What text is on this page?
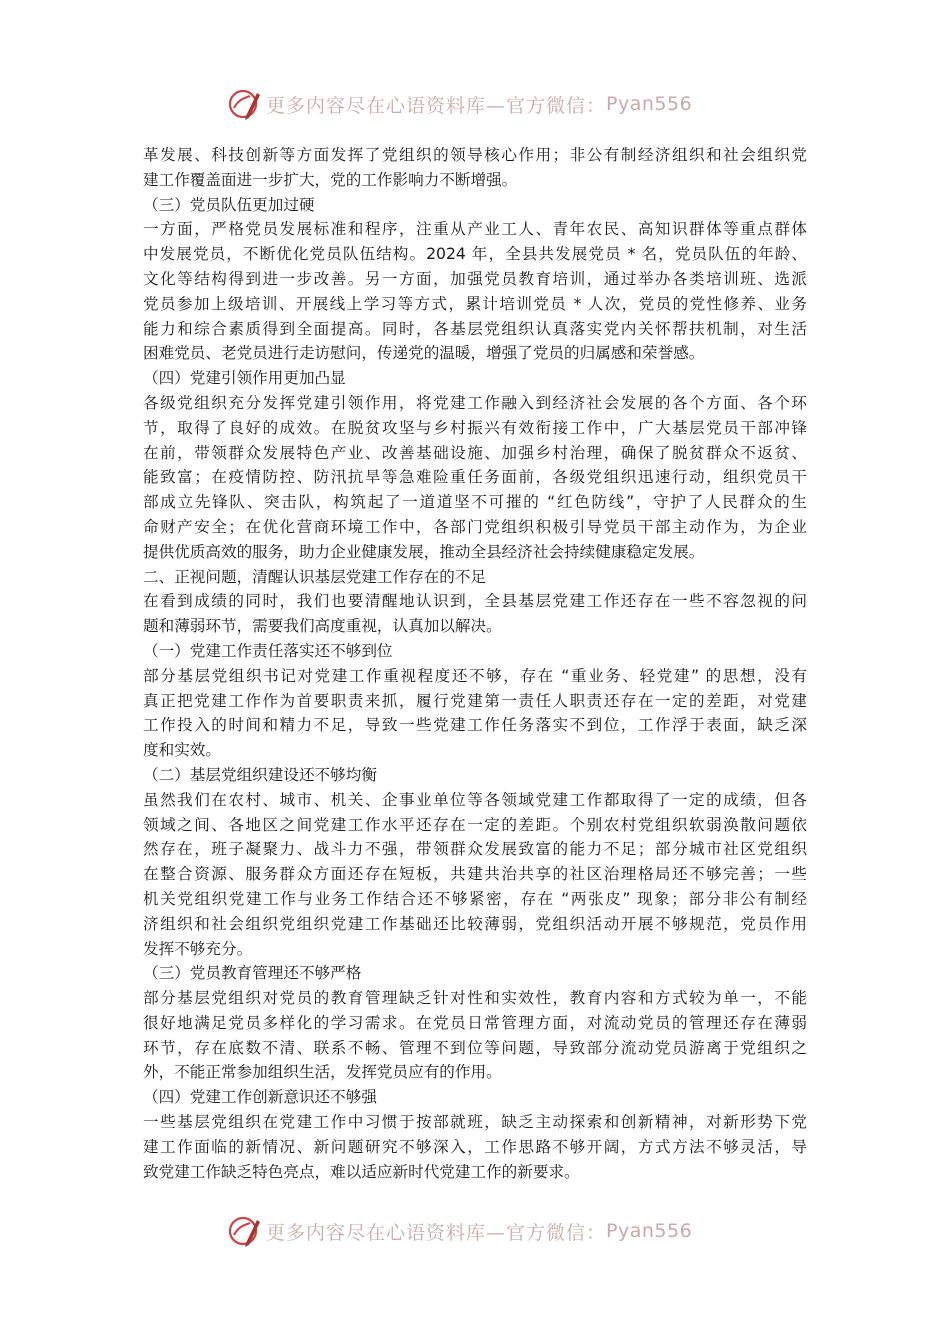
更多内容尽在心语资料库—官方微信： Pyan556
革发展、科技创新等方面发挥了党组织的领导核心作用；非公有制经济组织和社会组织党
建工作覆盖面进一步扩大，党的工作影响力不断增强。
（三）党员队伍更加过硬
一方面，严格党员发展标准和程序，注重从产业工人、青年农民、高知识群体等重点群体
中发展党员，不断优化党员队伍结构。2024 年，全县共发展党员 * 名，党员队伍的年龄、
文化等结构得到进一步改善。另一方面，加强党员教育培训，通过举办各类培训班、选派
党员参加上级培训、开展线上学习等方式，累计培训党员 * 人次，党员的党性修养、业务
能力和综合素质得到全面提高。同时，各基层党组织认真落实党内关怀帮扶机制，对生活
困难党员、老党员进行走访慰问，传递党的温暖，增强了党员的归属感和荣誉感。
（四）党建引领作用更加凸显
各级党组织充分发挥党建引领作用，将党建工作融入到经济社会发展的各个方面、各个环
节，取得了良好的成效。在脱贫攻坚与乡村振兴有效衔接工作中，广大基层党员干部冲锋
在前，带领群众发展特色产业、改善基础设施、加强乡村治理，确保了脱贫群众不返贫、
能致富；在疫情防控、防汛抗旱等急难险重任务面前，各级党组织迅速行动，组织党员干
部成立先锋队、突击队，构筑起了一道道坚不可摧的 “红色防线”，守护了人民群众的生
命财产安全；在优化营商环境工作中，各部门党组织积极引导党员干部主动作为，为企业
提供优质高效的服务，助力企业健康发展，推动全县经济社会持续健康稳定发展。
二、正视问题，清醒认识基层党建工作存在的不足
在看到成绩的同时，我们也要清醒地认识到，全县基层党建工作还存在一些不容忽视的问
题和薄弱环节，需要我们高度重视，认真加以解决。
（一）党建工作责任落实还不够到位
部分基层党组织书记对党建工作重视程度还不够，存在 “重业务、轻党建” 的思想，没有
真正把党建工作作为首要职责来抓，履行党建第一责任人职责还存在一定的差距，对党建
工作投入的时间和精力不足，导致一些党建工作任务落实不到位，工作浮于表面，缺乏深
度和实效。
（二）基层党组织建设还不够均衡
虽然我们在农村、城市、机关、企事业单位等各领域党建工作都取得了一定的成绩，但各
领域之间、各地区之间党建工作水平还存在一定的差距。个别农村党组织软弱涣散问题依
然存在，班子凝聚力、战斗力不强，带领群众发展致富的能力不足；部分城市社区党组织
在整合资源、服务群众方面还存在短板，共建共治共享的社区治理格局还不够完善；一些
机关党组织党建工作与业务工作结合还不够紧密，存在 “两张皮” 现象；部分非公有制经
济组织和社会组织党组织党建工作基础还比较薄弱，党组织活动开展不够规范，党员作用
发挥不够充分。
（三）党员教育管理还不够严格
部分基层党组织对党员的教育管理缺乏针对性和实效性，教育内容和方式较为单一，不能
很好地满足党员多样化的学习需求。在党员日常管理方面，对流动党员的管理还存在薄弱
环节，存在底数不清、联系不畅、管理不到位等问题，导致部分流动党员游离于党组织之
外，不能正常参加组织生活，发挥党员应有的作用。
（四）党建工作创新意识还不够强
一些基层党组织在党建工作中习惯于按部就班，缺乏主动探索和创新精神，对新形势下党
建工作面临的新情况、新问题研究不够深入，工作思路不够开阔，方式方法不够灵活，导
致党建工作缺乏特色亮点，难以适应新时代党建工作的新要求。
更多内容尽在心语资料库—官方微信： Pyan556
